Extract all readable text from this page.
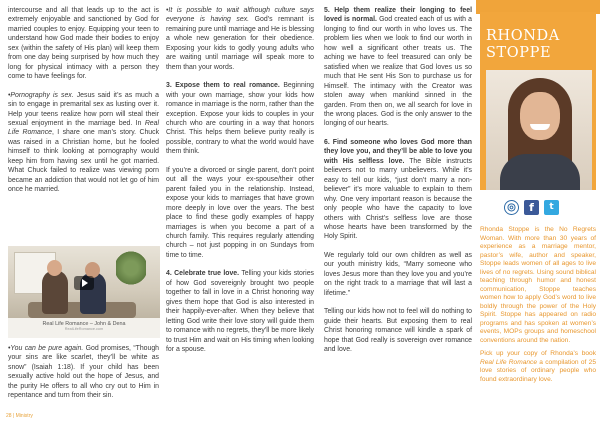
intercourse and all that leads up to the act is extremely enjoyable and sanctioned by God for married couples to enjoy. Equipping your teen to understand how God made their bodies to enjoy sex (within the safety of His plan) will keep them from one day being surprised by how much they long for physical intimacy with a person they come to have feelings for.

•Pornography is sex. Jesus said it’s as much a sin to engage in premarital sex as lusting over it. Help your teens realize how porn will steal their sexual enjoyment in the marriage bed. In Real Life Romance, I share one man’s story. Chuck was raised in a Christian home, but he fooled himself to think looking at pornography would keep him from having sex until he got married. What Chuck failed to realize was viewing porn became an addiction that would not let go of him once he married.

Real Life Romance – John & Dena
RealLifeRomance.com

•You can be pure again. God promises, “Though your sins are like scarlet, they’ll be white as snow” (Isaiah 1:18). If your child has been sexually active hold out the hope of Jesus, and the purity He offers to all who cry out to Him in repentance and turn from their sin.

•It is possible to wait although culture says everyone is having sex. God’s remnant is remaining pure until marriage and He is blessing a whole new generation for their obedience. Exposing your kids to godly young adults who are waiting until marriage will speak more to them than your words.

3. Expose them to real romance. Beginning with your own marriage, show your kids how romance in marriage is the norm, rather than the exception. Expose your kids to couples in your church who are courting in a way that honors Christ. This helps them believe purity really is possible, contrary to what the world would have them think.

If you’re a divorced or single parent, don’t point out all the ways your ex-spouse/their other parent failed you in the relationship. Instead, expose your kids to marriages that have grown more deeply in love over the years. The best place to find these godly examples of happy marriages is when you become a part of a church family. This requires regularly attending church – not just popping in on Sundays from time to time.

4. Celebrate true love. Telling your kids stories of how God sovereignly brought two people together to fall in love in a Christ honoring way gives them hope that God is also interested in their happily-ever-after. When they believe that letting God write their love story will guide them to romance with no regrets, they’ll be more likely to trust Him and wait on His timing when looking for a spouse.

5. Help them realize their longing to feel loved is normal. God created each of us with a longing to find our worth in who loves us. The problem lies when we look to find our worth in how well a significant other treats us. The aching we have to feel treasured can only be satisfied when we realize that God loves us so much that He sent His Son to purchase us for Himself. The intimacy with the Creator was stolen away when mankind sinned in the garden. From then on, we all search for love in the wrong places. God is the only answer to the longing of our hearts.

6. Find someone who loves God more than they love you, and they’ll be able to love you with His selfless love. The Bible instructs believers not to marry unbelievers. While it’s easy to tell our kids, “just don’t marry a non-believer” it’s more valuable to explain to them why. One very important reason is because the only people who have the capacity to love others with Christ’s selfless love are those whose hearts have been transformed by the Holy Spirit.

We regularly told our own children as well as our youth ministry kids, “Marry someone who loves Jesus more than they love you and you’re on the right track to a marriage that will last a lifetime.”

Telling our kids how not to feel will do nothing to guide their hearts. But exposing them to real Christ honoring romance will kindle a spark of hope that God really is sovereign over romance and love.

RHONDA
STOPPE
◎	f	t

Rhonda Stoppe is the No Regrets Woman. With more than 30 years of experience as a marriage mentor, pastor’s wife, author and speaker, Stoppe leads women of all ages to live lives of no regrets. Using sound biblical teaching through humor and honest communication, Stoppe teaches women how to apply God’s word to live boldly through the power of the Holy Spirit. Stoppe has appeared on radio programs and has spoken at women’s events, MOPs groups and homeschool conventions around the nation.

Pick up your copy of Rhonda’s book Real Life Romance a compilation of 25 love stories of ordinary people who found extraordinary love.

28 | Ministry
